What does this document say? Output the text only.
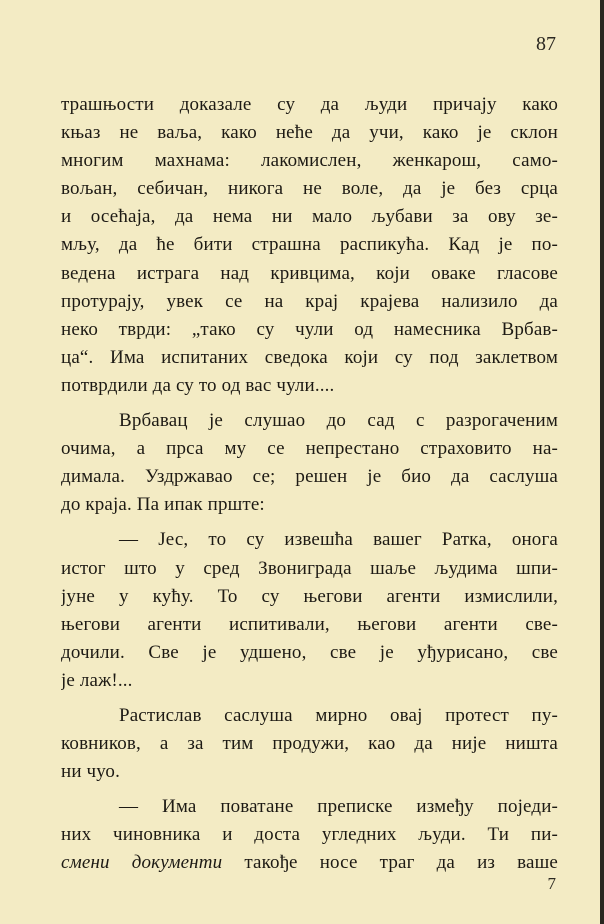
87
трашњости доказале су да људи причају како
књаз не ваља, како неће да учи, како је склон
многим махнама: лакомислен, женкарош, само-
вољан, себичан, никога не воле, да је без срца
и осећаја, да нема ни мало љубави за ову зе-
мљу, да ће бити страшна распикућа. Кад је по-
ведена истрага над кривцима, који оваке гласове
протурају, увек се на крај крајева нализило да
неко тврди: „тако су чули од намесника Врбав-
ца“. Има испитаних сведока који су под заклетвом
потврдили да су то од вас чули....
Врбавац је слушао до сад с разрогаченим
очима, а прса му се непрестано страховито на-
димала. Уздржавао се; решен је био да саслуша
до краја. Па ипак прште:
— Јес, то су извешћа вашег Ратка, онога
истог што у сред Звониграда шаље људима шпи-
јуне у кућу. То су његови агенти измислили,
његови агенти испитивали, његови агенти све-
дочили. Све је удшено, све је уђурисано, све
је лаж!...
Растислав саслуша мирно овај протест пу-
ковников, а за тим продужи, као да није ништа
ни чуо.
— Има поватане преписке између поједи-
них чиновника и доста угледних људи. Ти пи-
смени документи такође носе траг да из ваше
7
